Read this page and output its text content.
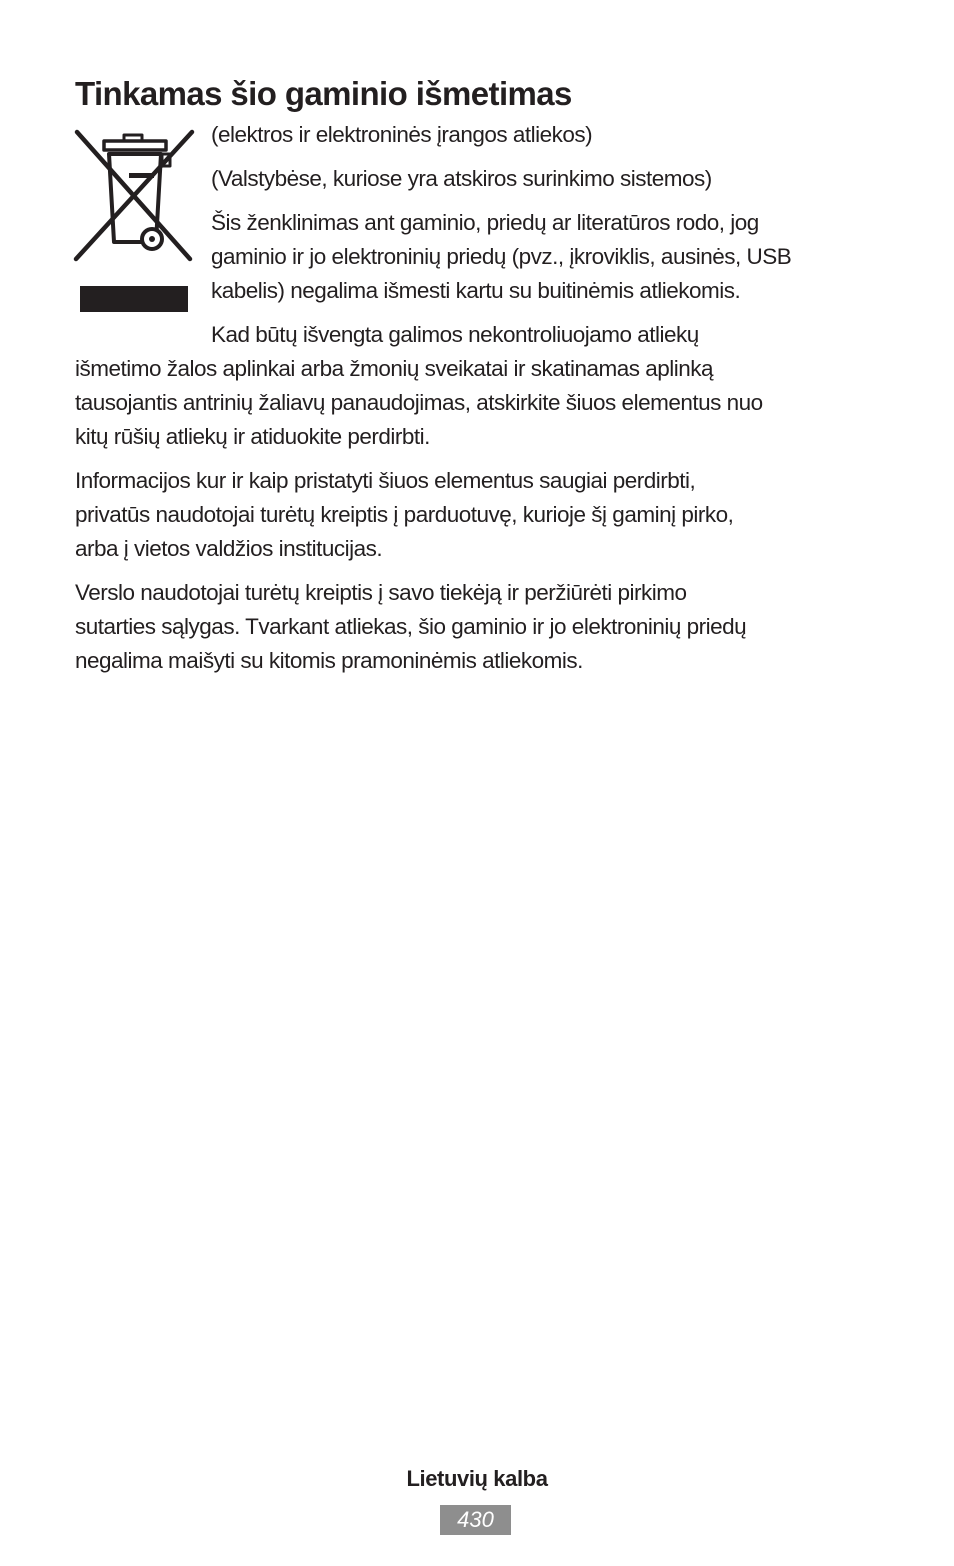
Tinkamas šio gaminio išmetimas

(elektros ir elektroninės įrangos atliekos)

(Valstybėse, kuriose yra atskiros surinkimo sistemos)

Šis ženklinimas ant gaminio, priedų ar literatūros rodo, jog

gaminio ir jo elektroninių priedų (pvz., įkroviklis, ausinės, USB

kabelis) negalima išmesti kartu su buitinėmis atliekomis.

Kad būtų išvengta galimos nekontroliuojamo atliekų

išmetimo žalos aplinkai arba žmonių sveikatai ir skatinamas aplinką

tausojantis antrinių žaliavų panaudojimas, atskirkite šiuos elementus nuo

kitų rūšių atliekų ir atiduokite perdirbti.

Informacijos kur ir kaip pristatyti šiuos elementus saugiai perdirbti,

privatūs naudotojai turėtų kreiptis į parduotuvę, kurioje šį gaminį pirko,

arba į vietos valdžios institucijas.

Verslo naudotojai turėtų kreiptis į savo tiekėją ir peržiūrėti pirkimo

sutarties sąlygas. Tvarkant atliekas, šio gaminio ir jo elektroninių priedų

negalima maišyti su kitomis pramoninėmis atliekomis.

Lietuvių kalba
430
